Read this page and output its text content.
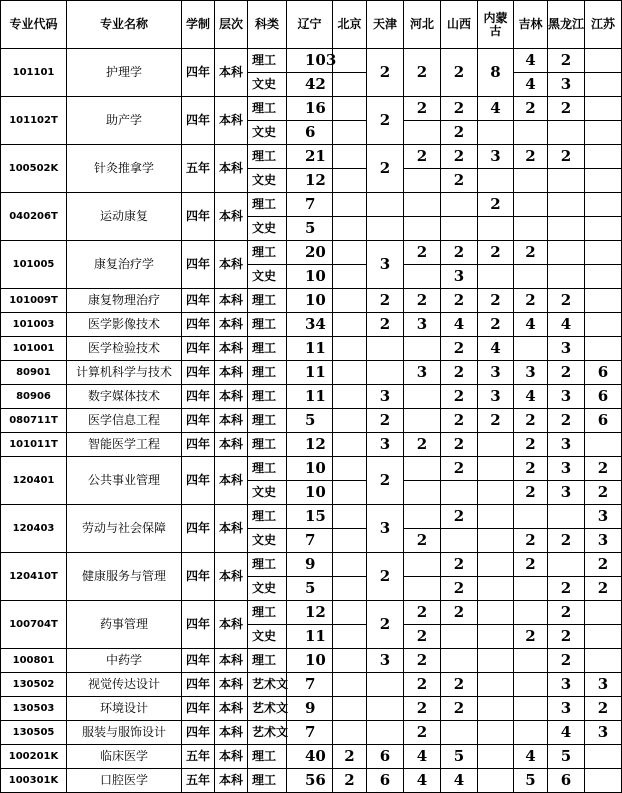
专业代码	专业名称	学制	层次	科类	辽宁	北京	天津	河北	山西	内蒙古	吉林	黑龙江	江苏
101101	护理学	四年	本科	理工	103		2	2	2	8	4	2	
				文史	42						4	3	
101102T	助产学	四年	本科	理工	16		2	2	2	4	2	2	
				文史	6				2				
100502K	针灸推拿学	五年	本科	理工	21		2	2	2	3	2	2	
				文史	12				2				
040206T	运动康复	四年	本科	理工	7					2			
				文史	5								
101005	康复治疗学	四年	本科	理工	20		3	2	2	2	2		
				文史	10				3				
101009T	康复物理治疗	四年	本科	理工	10		2	2	2	2	2	2	
101003	医学影像技术	四年	本科	理工	34		2	3	4	2	4	4	
101001	医学检验技术	四年	本科	理工	11				2	4		3	
80901	计算机科学与技术	四年	本科	理工	11			3	2	3	3	2	6
80906	数字媒体技术	四年	本科	理工	11		3		2	3	4	3	6
080711T	医学信息工程	四年	本科	理工	5		2		2	2	2	2	6
101011T	智能医学工程	四年	本科	理工	12		3	2	2		2	3	
120401	公共事业管理	四年	本科	理工	10		2		2		2	3	2
				文史	10						2	3	2
120403	劳动与社会保障	四年	本科	理工	15		3		2				3
				文史	7			2			2	2	3
120410T	健康服务与管理	四年	本科	理工	9		2		2		2		2
				文史	5				2			2	2
100704T	药事管理	四年	本科	理工	12		2	2	2			2	
				文史	11			2			2	2	
100801	中药学	四年	本科	理工	10		3	2				2	
130502	视觉传达设计	四年	本科	艺术文	7			2	2			3	3
130503	环境设计	四年	本科	艺术文	9			2	2			3	2
130505	服装与服饰设计	四年	本科	艺术文	7			2				4	3
100201K	临床医学	五年	本科	理工	40	2	6	4	5		4	5	
100301K	口腔医学	五年	本科	理工	56	2	6	4	4		5	6	
